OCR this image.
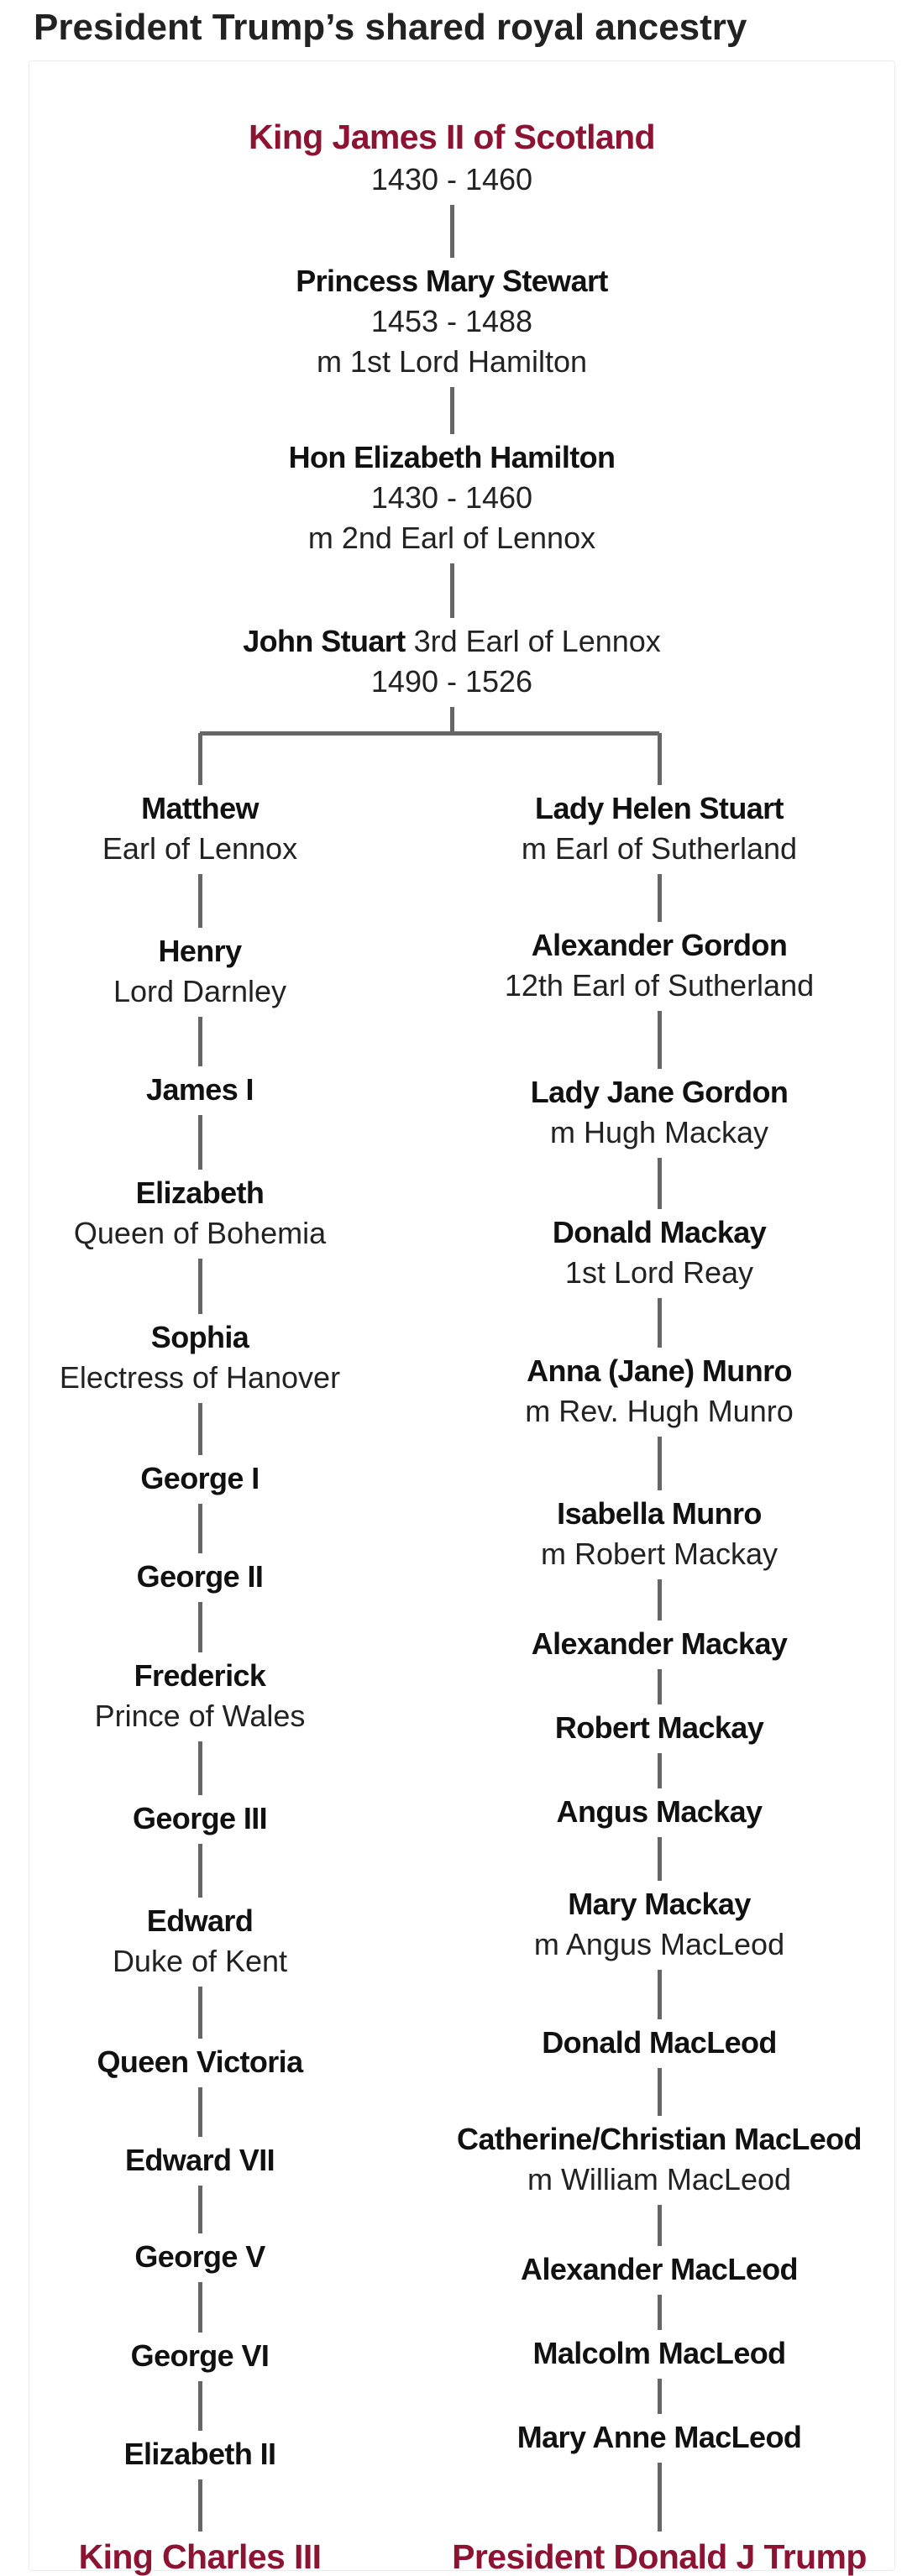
President Trump’s shared royal ancestry
King James II of Scotland
1430 - 1460
Princess Mary Stewart
1453 - 1488
m 1st Lord Hamilton
Hon Elizabeth Hamilton
1430 - 1460
m 2nd Earl of Lennox
John Stuart 3rd Earl of Lennox
1490 - 1526
Matthew
Earl of Lennox
Henry
Lord Darnley
James I
Elizabeth
Queen of Bohemia
Sophia
Electress of Hanover
George I
George II
Frederick
Prince of Wales
George III
Edward
Duke of Kent
Queen Victoria
Edward VII
George V
George VI
Elizabeth II
King Charles III
Lady Helen Stuart
m Earl of Sutherland
Alexander Gordon
12th Earl of Sutherland
Lady Jane Gordon
m Hugh Mackay
Donald Mackay
1st Lord Reay
Anna (Jane) Munro
m Rev. Hugh Munro
Isabella Munro
m Robert Mackay
Alexander Mackay
Robert Mackay
Angus Mackay
Mary Mackay
m Angus MacLeod
Donald MacLeod
Catherine/Christian MacLeod
m William MacLeod
Alexander MacLeod
Malcolm MacLeod
Mary Anne MacLeod
President Donald J Trump
